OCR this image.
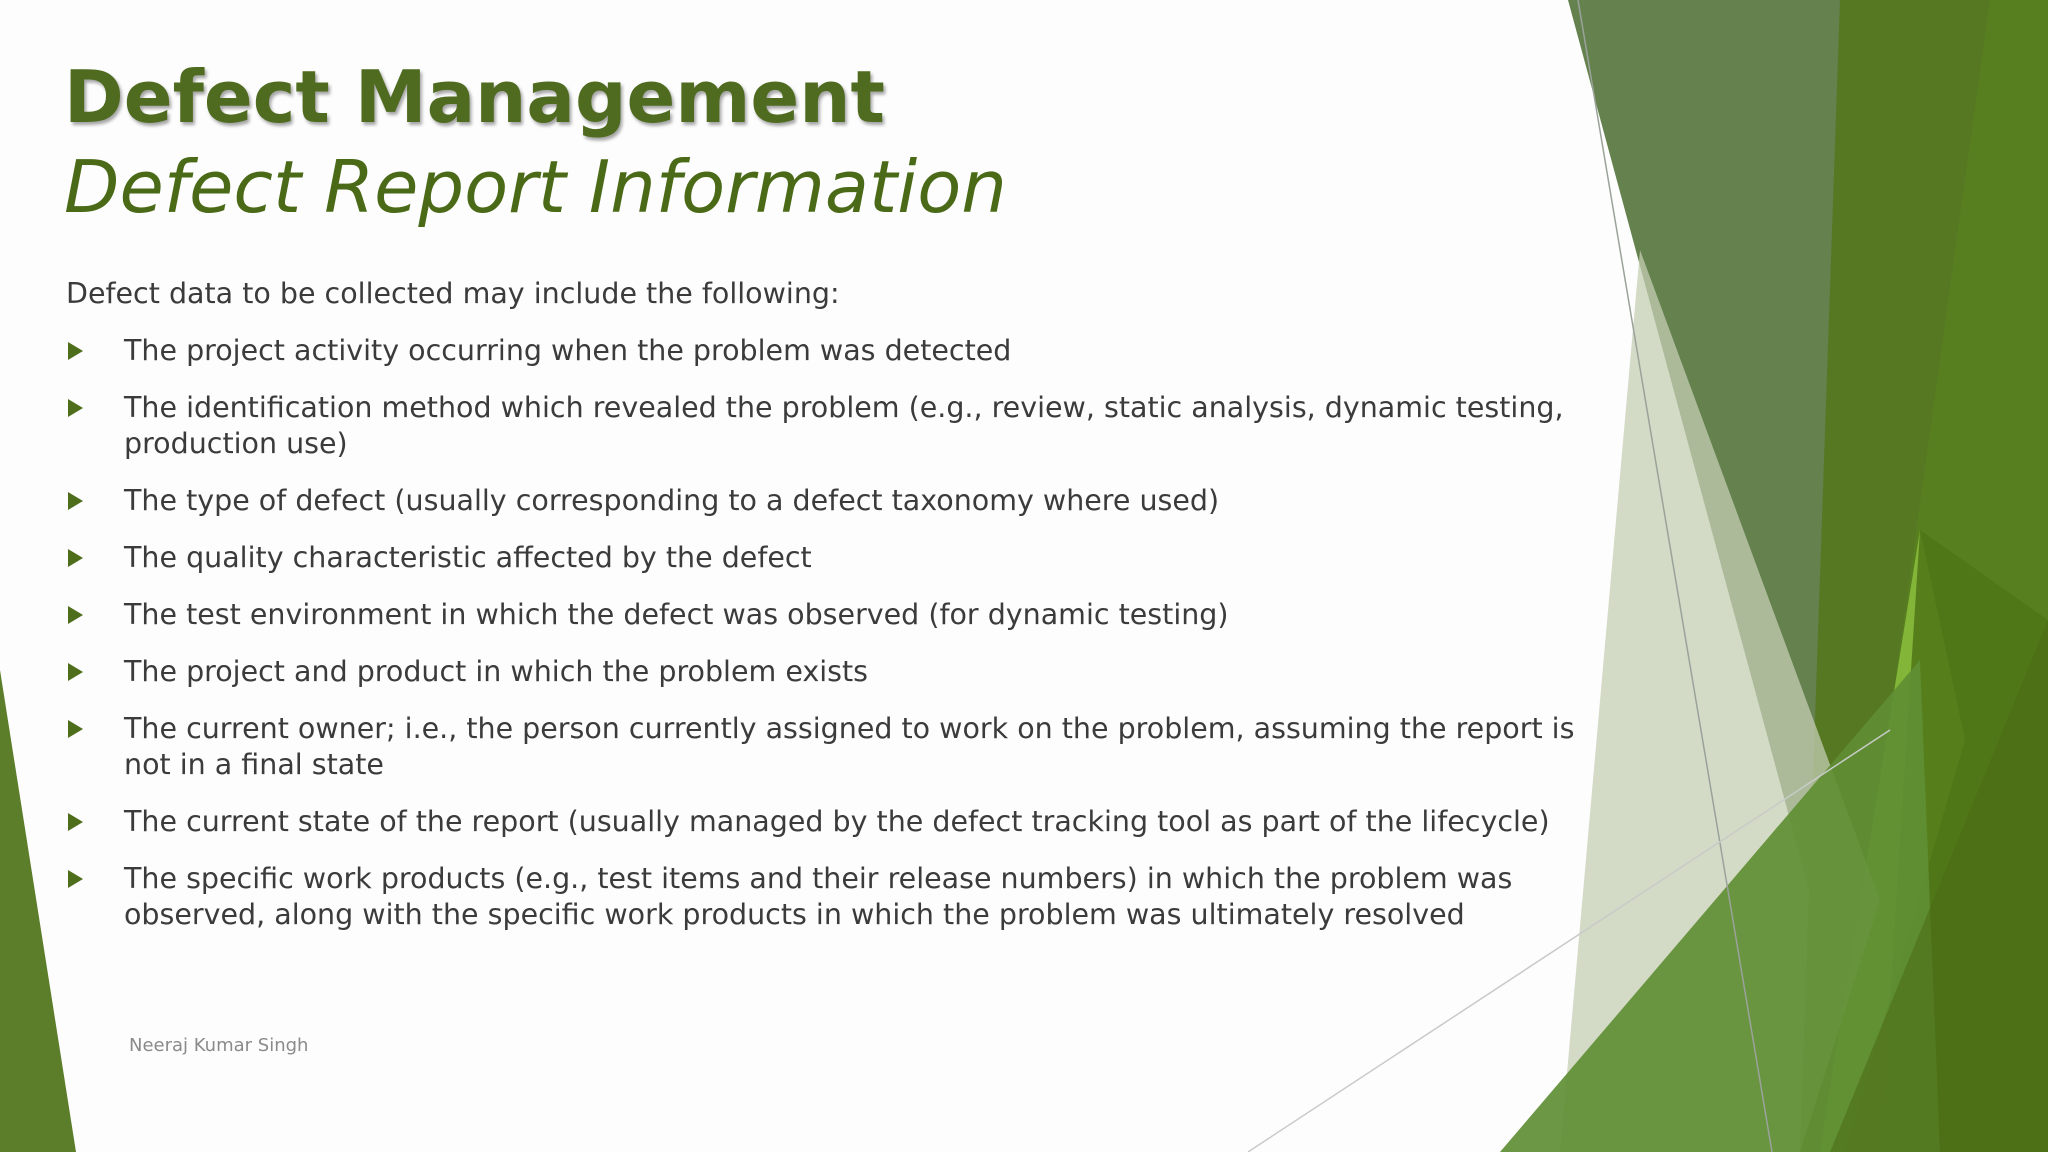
Defect Management
Defect Report Information

Defect data to be collected may include the following:

The project activity occurring when the problem was detected
The identification method which revealed the problem (e.g., review, static analysis, dynamic testing, production use)
The type of defect (usually corresponding to a defect taxonomy where used)
The quality characteristic affected by the defect
The test environment in which the defect was observed (for dynamic testing)
The project and product in which the problem exists
The current owner; i.e., the person currently assigned to work on the problem, assuming the report is not in a final state
The current state of the report (usually managed by the defect tracking tool as part of the lifecycle)
The specific work products (e.g., test items and their release numbers) in which the problem was observed, along with the specific work products in which the problem was ultimately resolved
Neeraj Kumar Singh
